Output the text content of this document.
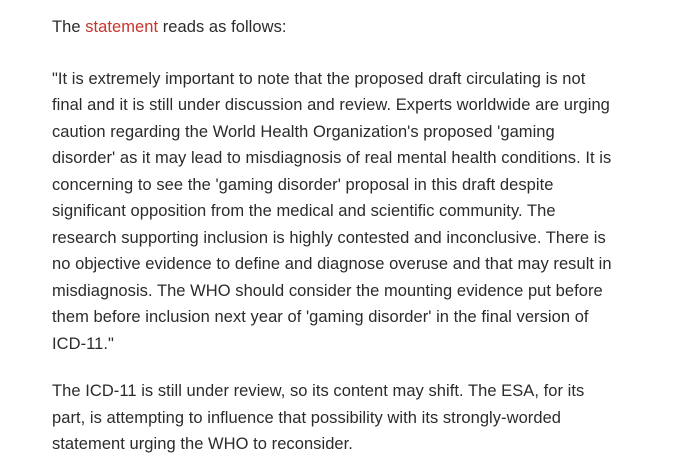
The statement reads as follows:

"It is extremely important to note that the proposed draft circulating is not final and it is still under discussion and review. Experts worldwide are urging caution regarding the World Health Organization's proposed 'gaming disorder' as it may lead to misdiagnosis of real mental health conditions. It is concerning to see the 'gaming disorder' proposal in this draft despite significant opposition from the medical and scientific community. The research supporting inclusion is highly contested and inconclusive. There is no objective evidence to define and diagnose overuse and that may result in misdiagnosis. The WHO should consider the mounting evidence put before them before inclusion next year of 'gaming disorder' in the final version of ICD-11."

The ICD-11 is still under review, so its content may shift. The ESA, for its part, is attempting to influence that possibility with its strongly-worded statement urging the WHO to reconsider.
